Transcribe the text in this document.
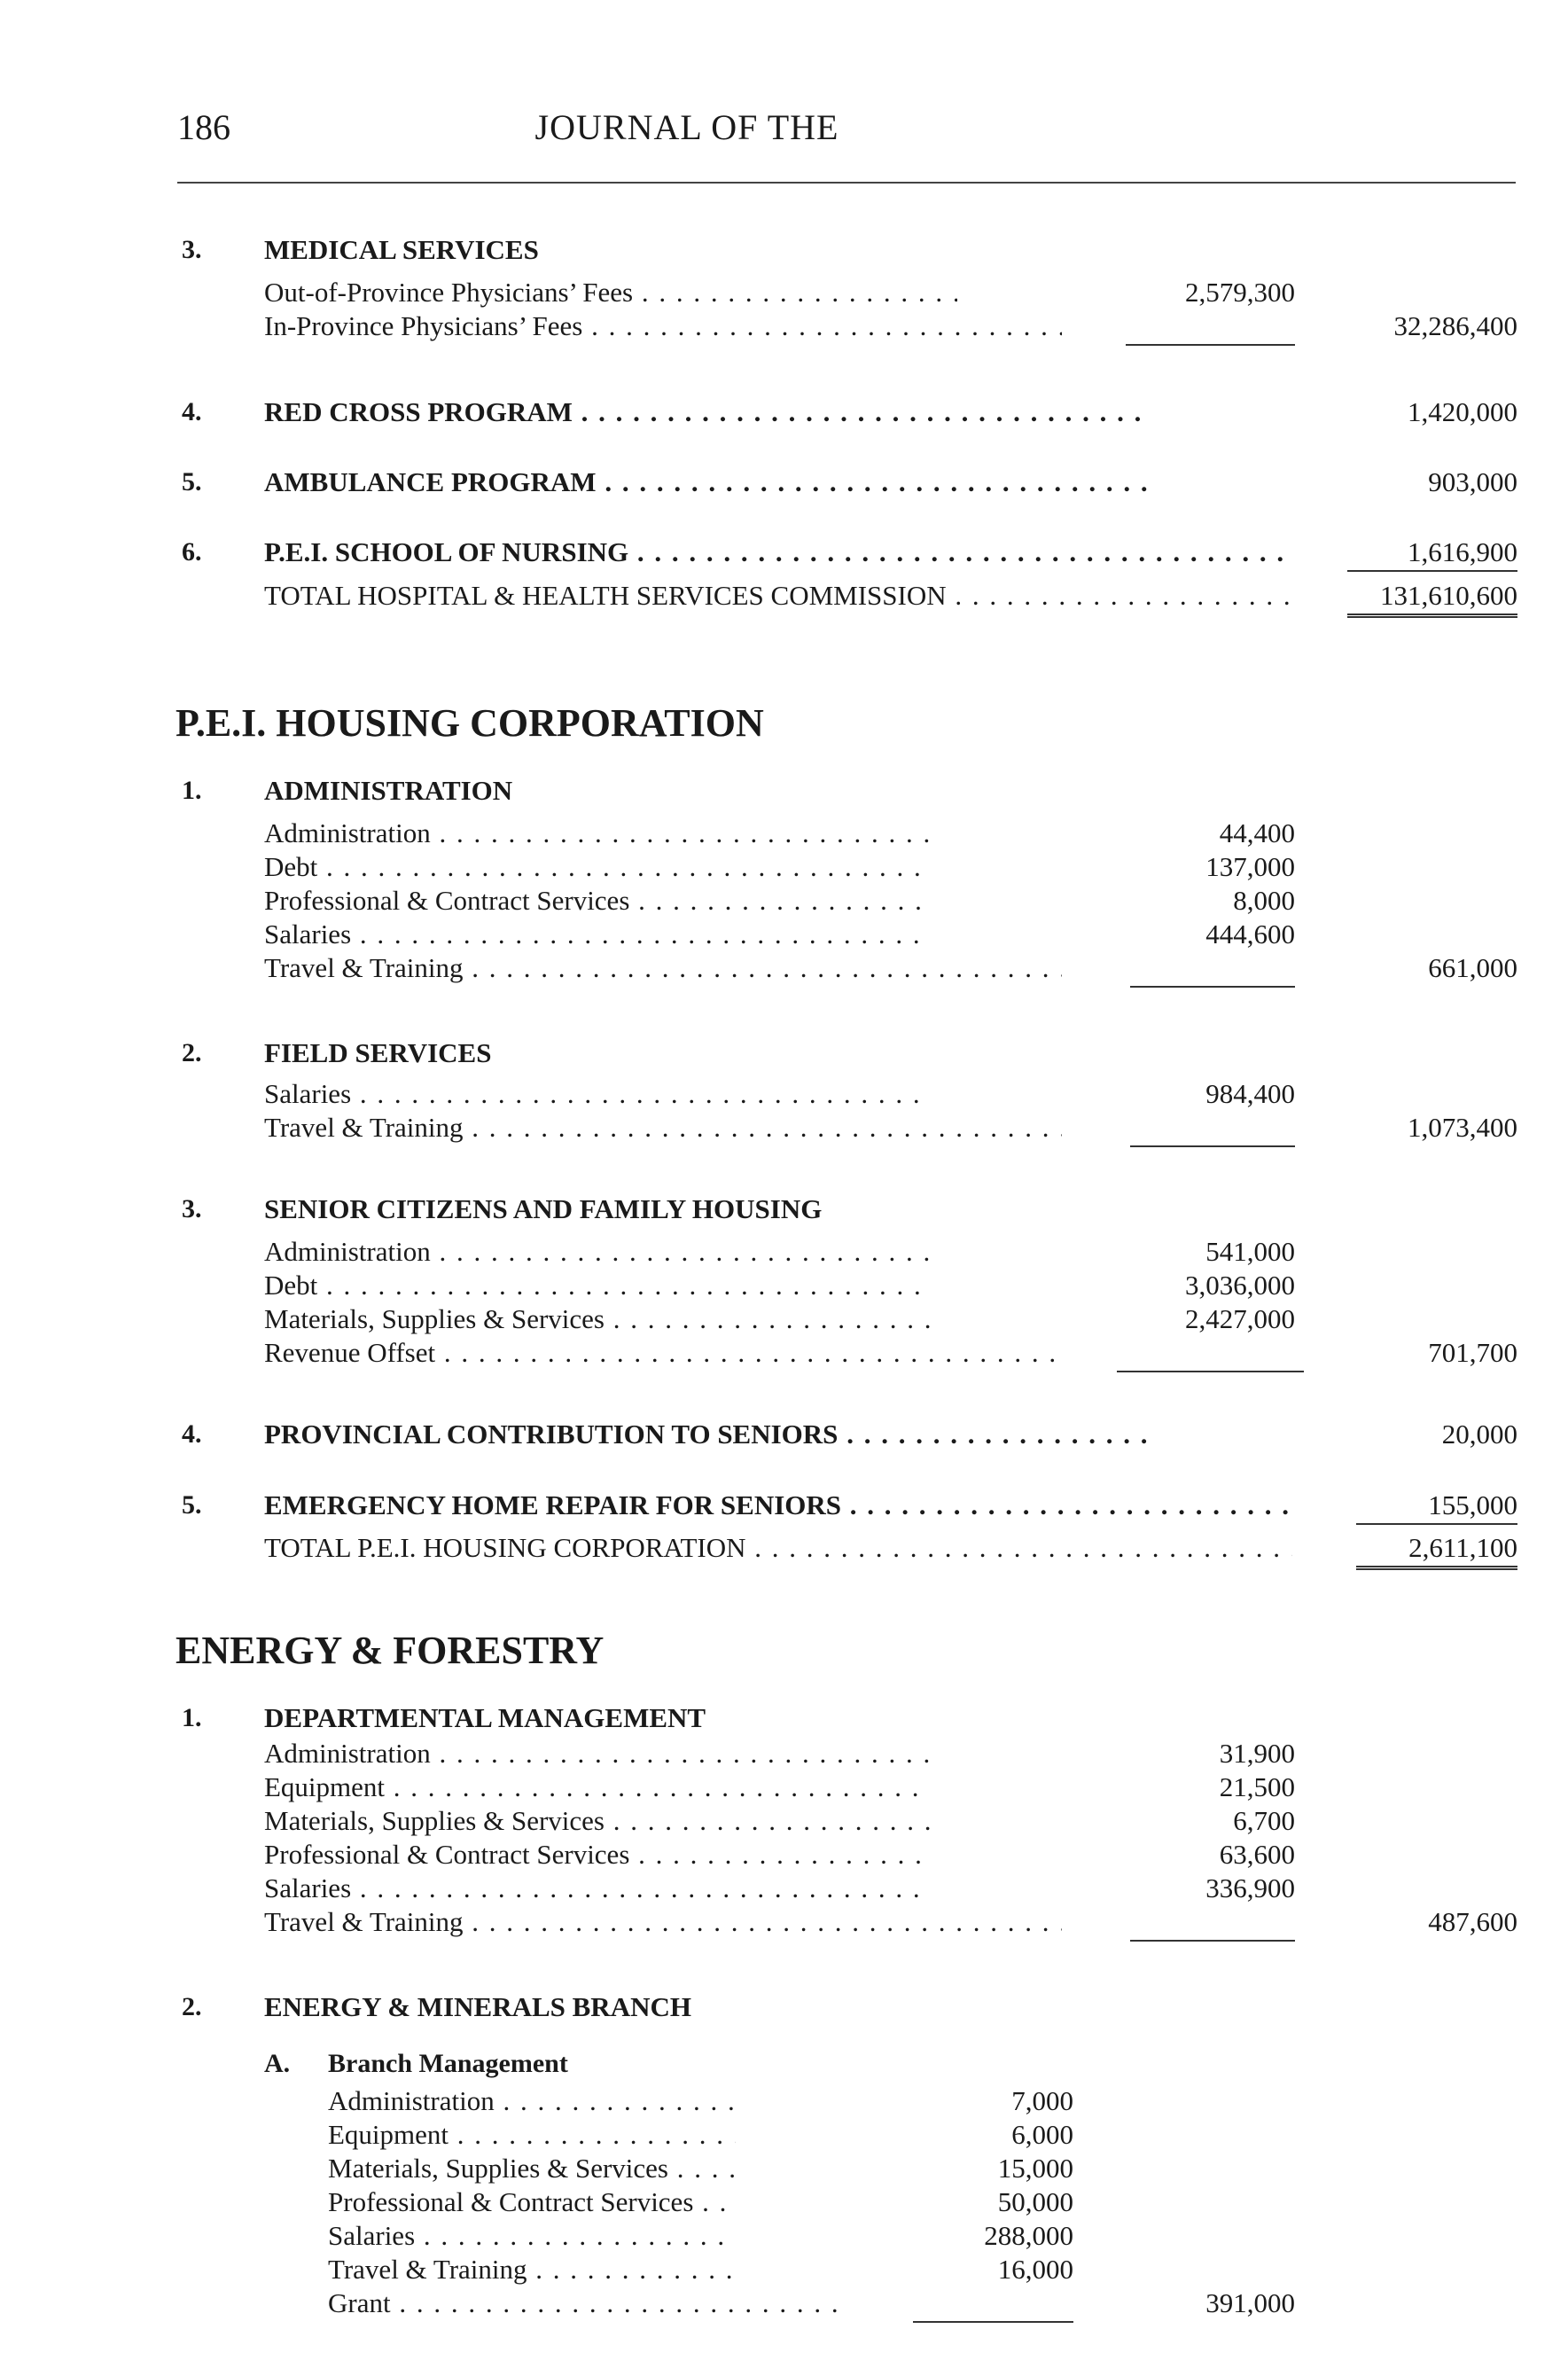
186	JOURNAL OF THE
3. MEDICAL SERVICES
Out-of-Province Physicians’ Fees . . .	2,579,300
In-Province Physicians’ Fees . . .	32,286,400
4. RED CROSS PROGRAM . . .	1,420,000
5. AMBULANCE PROGRAM . . .	903,000
6. P.E.I. SCHOOL OF NURSING . . .	1,616,900
TOTAL HOSPITAL & HEALTH SERVICES COMMISSION . . .	131,610,600
P.E.I. HOUSING CORPORATION
1. ADMINISTRATION
Administration . . .	44,400
Debt . . .	137,000
Professional & Contract Services . . .	8,000
Salaries . . .	444,600
Travel & Training . . .	661,000
2. FIELD SERVICES
Salaries . . .	984,400
Travel & Training . . .	1,073,400
3. SENIOR CITIZENS AND FAMILY HOUSING
Administration . . .	541,000
Debt . . .	3,036,000
Materials, Supplies & Services . . .	2,427,000
Revenue Offset . . .	701,700
4. PROVINCIAL CONTRIBUTION TO SENIORS . . .	20,000
5. EMERGENCY HOME REPAIR FOR SENIORS . . .	155,000
TOTAL P.E.I. HOUSING CORPORATION . . .	2,611,100
ENERGY & FORESTRY
1. DEPARTMENTAL MANAGEMENT
Administration . . .	31,900
Equipment . . .	21,500
Materials, Supplies & Services . . .	6,700
Professional & Contract Services . . .	63,600
Salaries . . .	336,900
Travel & Training . . .	487,600
2. ENERGY & MINERALS BRANCH
A. Branch Management
Administration . . .	7,000
Equipment . . .	6,000
Materials, Supplies & Services . . .	15,000
Professional & Contract Services . . .	50,000
Salaries . . .	288,000
Travel & Training . . .	16,000
Grant . . .	391,000
